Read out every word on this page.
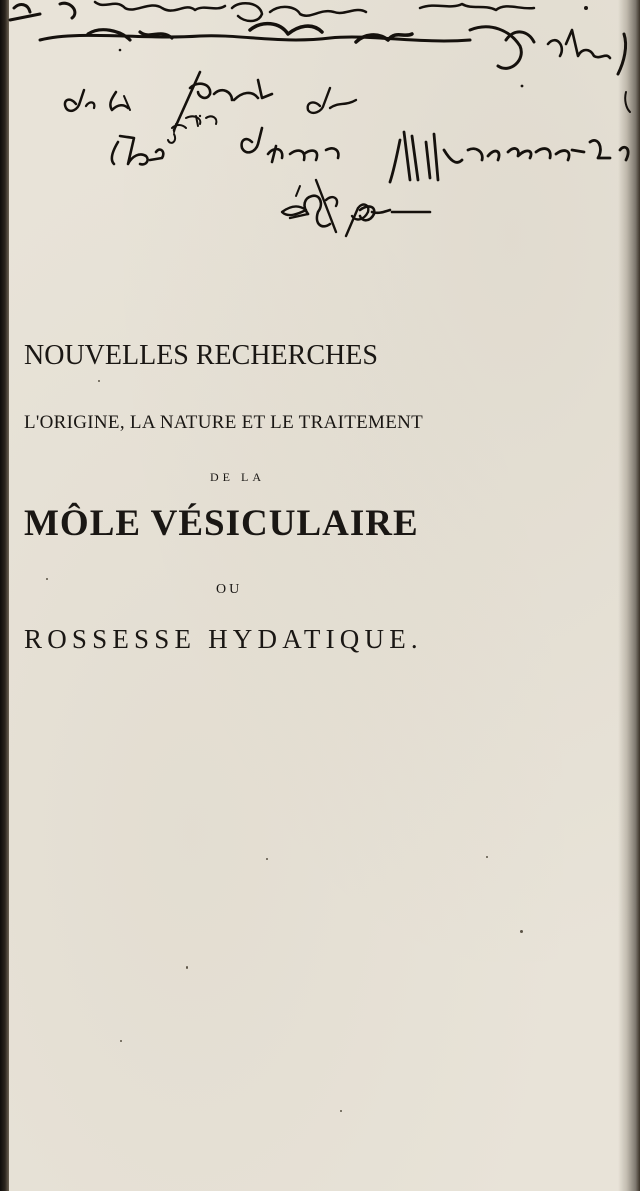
NOUVELLES RECHERCHES

L'ORIGINE, LA NATURE ET LE TRAITEMENT

DE LA

MÔLE VÉSICULAIRE

OU

ROSSESSE HYDATIQUE.
